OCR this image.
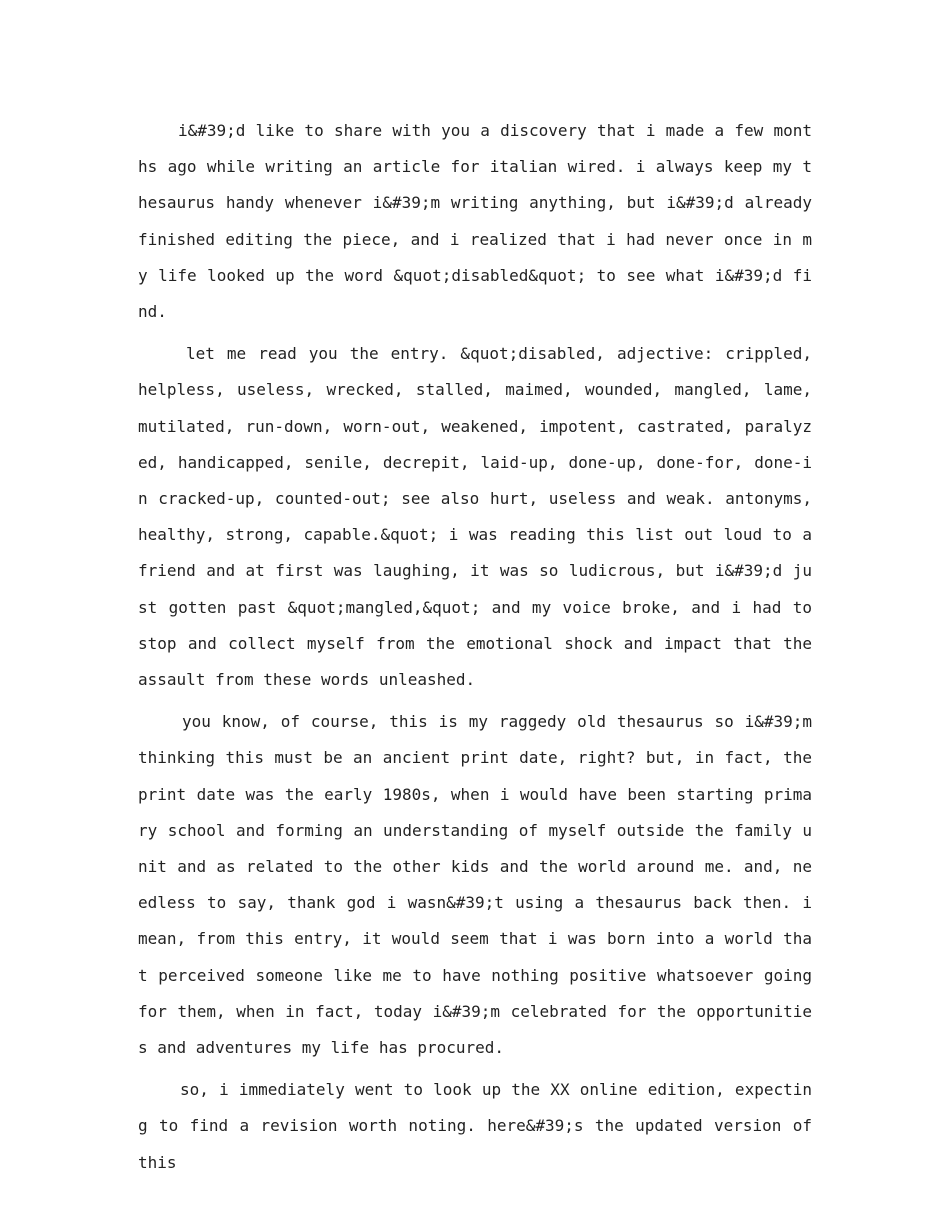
i&#39;d like to share with you a discovery that i made a few months ago while writing an article for italian wired. i always keep my thesaurus handy whenever i&#39;m writing anything, but i&#39;d already finished editing the piece, and i realized that i had never once in my life looked up the word &quot;disabled&quot; to see what i&#39;d find.

let me read you the entry. &quot;disabled, adjective: crippled, helpless, useless, wrecked, stalled, maimed, wounded, mangled, lame, mutilated, run-down, worn-out, weakened, impotent, castrated, paralyzed, handicapped, senile, decrepit, laid-up, done-up, done-for, done-in cracked-up, counted-out; see also hurt, useless and weak. antonyms, healthy, strong, capable.&quot; i was reading this list out loud to a friend and at first was laughing, it was so ludicrous, but i&#39;d just gotten past &quot;mangled,&quot; and my voice broke, and i had to stop and collect myself from the emotional shock and impact that the assault from these words unleashed.

you know, of course, this is my raggedy old thesaurus so i&#39;m thinking this must be an ancient print date, right? but, in fact, the print date was the early 1980s, when i would have been starting primary school and forming an understanding of myself outside the family unit and as related to the other kids and the world around me. and, needless to say, thank god i wasn&#39;t using a thesaurus back then. i mean, from this entry, it would seem that i was born into a world that perceived someone like me to have nothing positive whatsoever going for them, when in fact, today i&#39;m celebrated for the opportunities and adventures my life has procured.

so, i immediately went to look up the XX online edition, expecting to find a revision worth noting. here&#39;s the updated version of this
